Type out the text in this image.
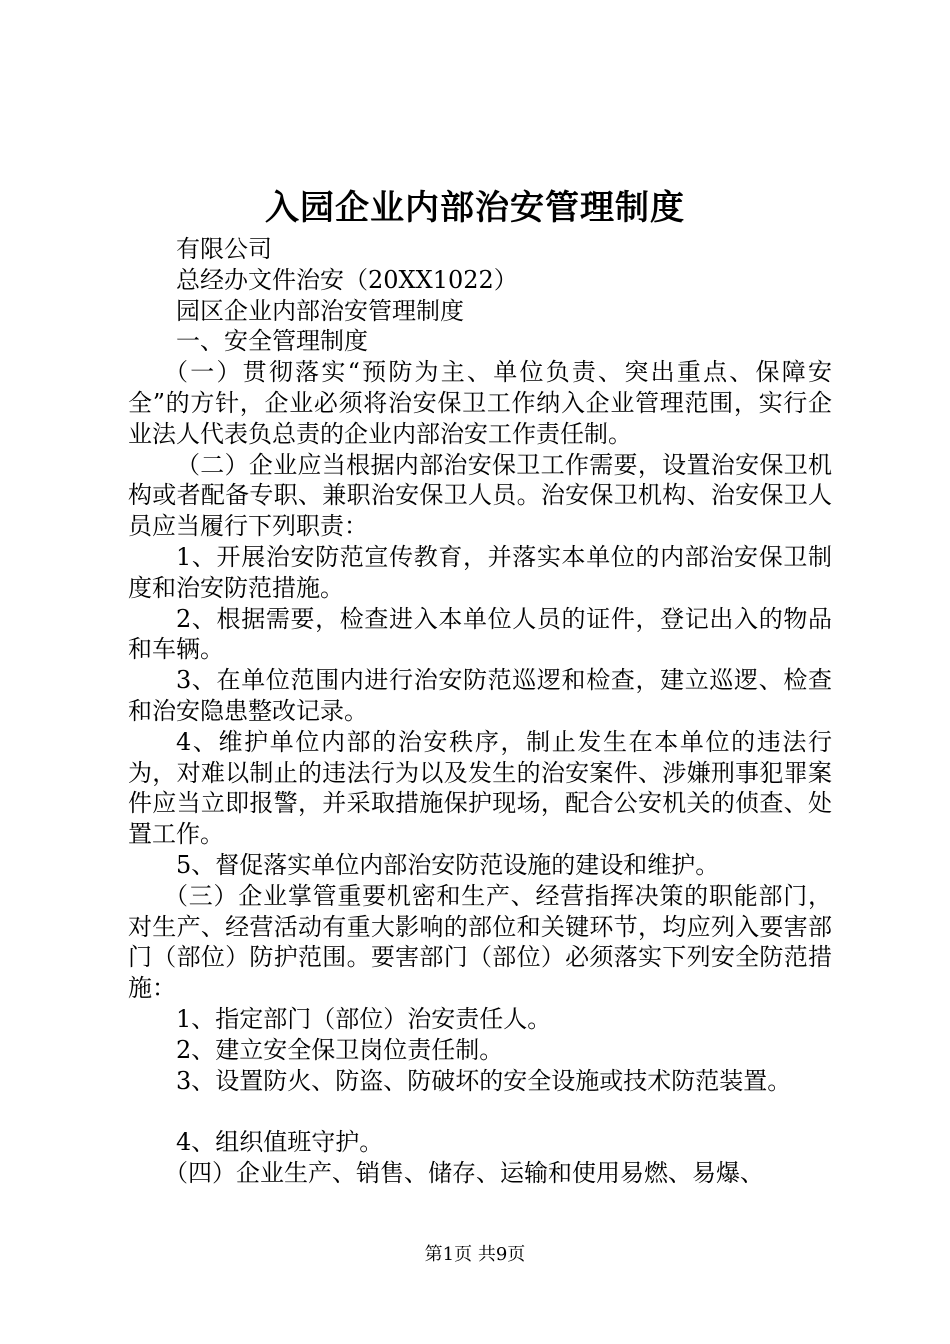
入园企业内部治安管理制度

有限公司

总经办文件治安（20XX1022）

园区企业内部治安管理制度

一、安全管理制度

（一）贯彻落实“预防为主、单位负责、突出重点、保障安全”的方针，企业必须将治安保卫工作纳入企业管理范围，实行企业法人代表负总责的企业内部治安工作责任制。

（二）企业应当根据内部治安保卫工作需要，设置治安保卫机构或者配备专职、兼职治安保卫人员。治安保卫机构、治安保卫人员应当履行下列职责：

1、开展治安防范宣传教育，并落实本单位的内部治安保卫制度和治安防范措施。

2、根据需要，检查进入本单位人员的证件，登记出入的物品和车辆。

3、在单位范围内进行治安防范巡逻和检查，建立巡逻、检查和治安隐患整改记录。

4、维护单位内部的治安秩序，制止发生在本单位的违法行为，对难以制止的违法行为以及发生的治安案件、涉嫌刑事犯罪案件应当立即报警，并采取措施保护现场，配合公安机关的侦查、处置工作。

5、督促落实单位内部治安防范设施的建设和维护。

（三）企业掌管重要机密和生产、经营指挥决策的职能部门，对生产、经营活动有重大影响的部位和关键环节，均应列入要害部门（部位）防护范围。要害部门（部位）必须落实下列安全防范措施：

1、指定部门（部位）治安责任人。

2、建立安全保卫岗位责任制。

3、设置防火、防盗、防破坏的安全设施或技术防范装置。

4、组织值班守护。

（四）企业生产、销售、储存、运输和使用易燃、易爆、

第1页 共9页
